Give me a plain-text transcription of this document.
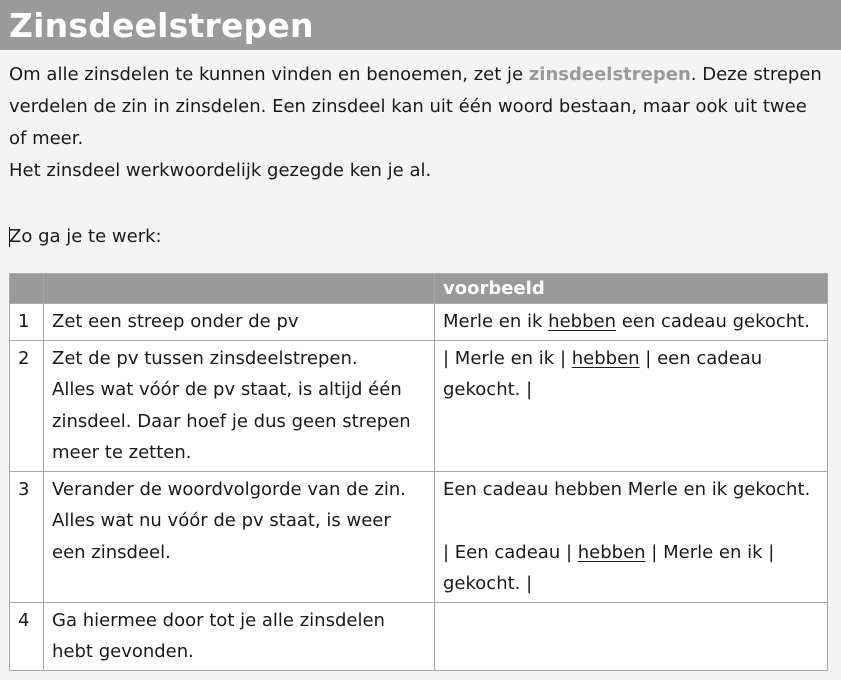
Zinsdeelstrepen
Om alle zinsdelen te kunnen vinden en benoemen, zet je zinsdeelstrepen. Deze strepen
verdelen de zin in zinsdelen. Een zinsdeel kan uit één woord bestaan, maar ook uit twee
of meer.
Het zinsdeel werkwoordelijk gezegde ken je al.
Zo ga je te werk:
		voorbeeld
1	Zet een streep onder de pv	Merle en ik hebben een cadeau gekocht.

2	Zet de pv tussen zinsdeelstrepen.
Alles wat vóór de pv staat, is altijd één
zinsdeel. Daar hoef je dus geen strepen
meer te zetten.	| Merle en ik | hebben | een cadeau
gekocht. |

3	Verander de woordvolgorde van de zin.
Alles wat nu vóór de pv staat, is weer
een zinsdeel.	Een cadeau hebben Merle en ik gekocht.
| Een cadeau | hebben | Merle en ik |
gekocht. |

4	Ga hiermee door tot je alle zinsdelen
hebt gevonden.	
